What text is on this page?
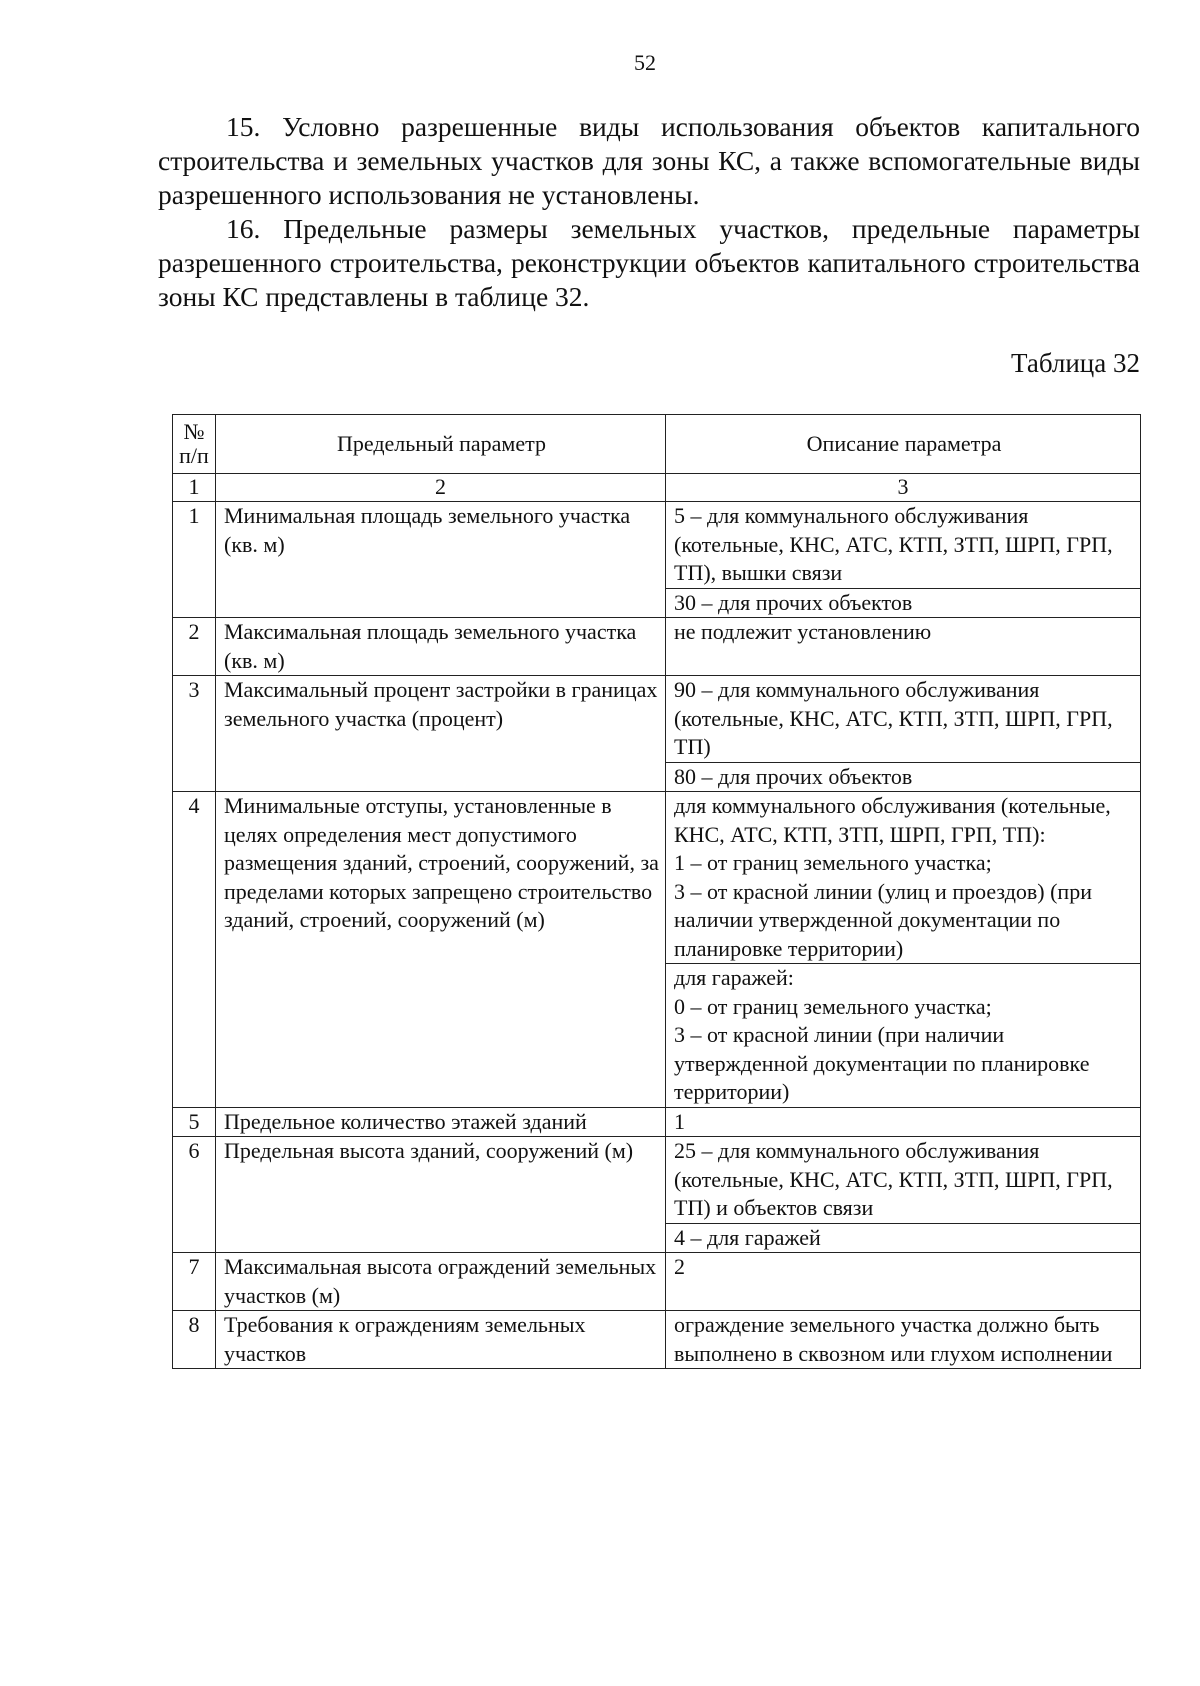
52

15. Условно разрешенные виды использования объектов капитального строительства и земельных участков для зоны КС, а также вспомогательные виды разрешенного использования не установлены.

16. Предельные размеры земельных участков, предельные параметры разрешенного строительства, реконструкции объектов капитального строительства зоны КС представлены в таблице 32.

Таблица 32
№
п/п	Предельный параметр	Описание параметра
1	2	3
1	Минимальная площадь земельного участка (кв. м)	5 – для коммунального обслуживания (котельные, КНС, АТС, КТП, ЗТП, ШРП, ГРП, ТП), вышки связи
		30 – для прочих объектов
2	Максимальная площадь земельного участка (кв. м)	не подлежит установлению
3	Максимальный процент застройки в границах земельного участка (процент)	90 – для коммунального обслуживания (котельные, КНС, АТС, КТП, ЗТП, ШРП, ГРП, ТП)
		80 – для прочих объектов
4	Минимальные отступы, установленные в целях определения мест допустимого размещения зданий, строений, сооружений, за пределами которых запрещено строительство зданий, строений, сооружений (м)	для коммунального обслуживания (котельные, КНС, АТС, КТП, ЗТП, ШРП, ГРП, ТП):
1 – от границ земельного участка;
3 – от красной линии (улиц и проездов) (при наличии утвержденной документации по планировке территории)
		для гаражей:
0 – от границ земельного участка;
3 – от красной линии (при наличии утвержденной документации по планировке территории)
5	Предельное количество этажей зданий	1
6	Предельная высота зданий, сооружений (м)	25 – для коммунального обслуживания (котельные, КНС, АТС, КТП, ЗТП, ШРП, ГРП, ТП) и объектов связи
		4 – для гаражей
7	Максимальная высота ограждений земельных участков (м)	2
8	Требования к ограждениям земельных участков	ограждение земельного участка должно быть выполнено в сквозном или глухом исполнении
